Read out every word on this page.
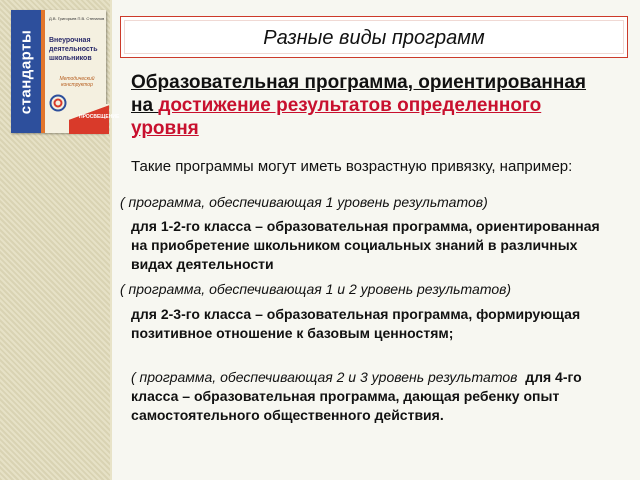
стандарты
Д.В. Григорьев П.В. Степанов
Внеурочная деятельность школьников
Методический конструктор
ПРОСВЕЩЕНИЕ
Разные виды программ
Образовательная программа, ориентированная на достижение результатов определенного уровня
Такие программы могут иметь возрастную привязку, например:
( программа, обеспечивающая 1 уровень результатов)
для 1-2-го класса – образовательная программа, ориентированная на приобретение школьником социальных знаний в различных видах деятельности
( программа, обеспечивающая 1 и 2 уровень результатов)
для 2-3-го класса – образовательная программа, формирующая позитивное отношение к базовым ценностям;
( программа, обеспечивающая 2 и 3 уровень результатов для 4-го класса – образовательная программа, дающая ребенку опыт самостоятельного общественного действия.
